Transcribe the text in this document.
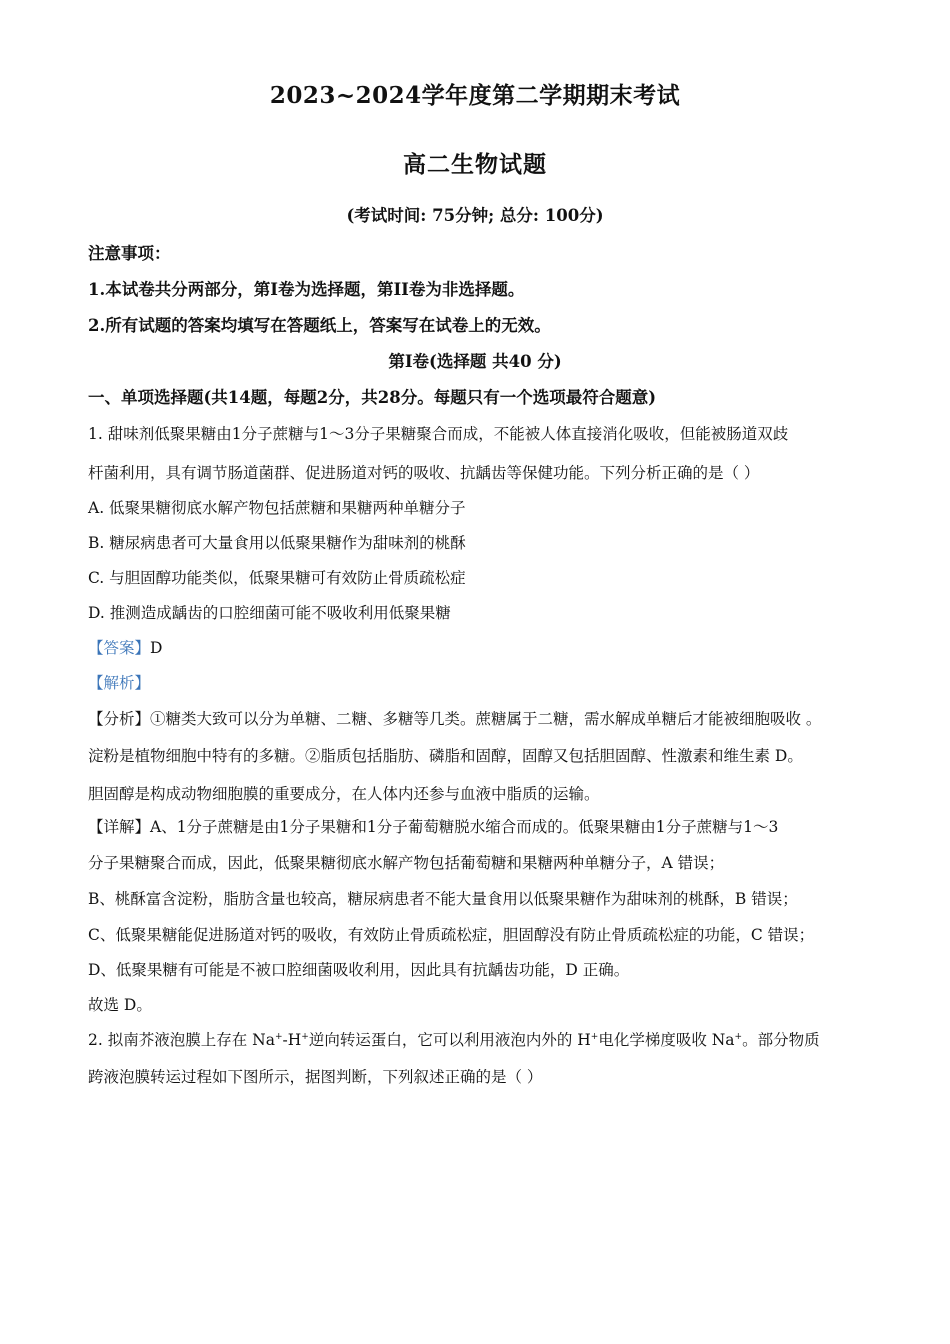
2023~2024学年度第二学期期末考试
高二生物试题
(考试时间: 75分钟; 总分: 100分)
注意事项：
1.本试卷共分两部分，第I卷为选择题，第II卷为非选择题。
2.所有试题的答案均填写在答题纸上，答案写在试卷上的无效。
第I卷(选择题 共40 分)
一、单项选择题(共14题，每题2分，共28分。每题只有一个选项最符合题意)
1. 甜味剂低聚果糖由1分子蔗糖与1～3分子果糖聚合而成，不能被人体直接消化吸收，但能被肠道双歧
杆菌利用，具有调节肠道菌群、促进肠道对钙的吸收、抗龋齿等保健功能。下列分析正确的是（ ）
A. 低聚果糖彻底水解产物包括蔗糖和果糖两种单糖分子
B. 糖尿病患者可大量食用以低聚果糖作为甜味剂的桃酥
C. 与胆固醇功能类似，低聚果糖可有效防止骨质疏松症
D. 推测造成龋齿的口腔细菌可能不吸收利用低聚果糖
【答案】D
【解析】
【分析】①糖类大致可以分为单糖、二糖、多糖等几类。蔗糖属于二糖，需水解成单糖后才能被细胞吸收 。
淀粉是植物细胞中特有的多糖。②脂质包括脂肪、磷脂和固醇，固醇又包括胆固醇、性激素和维生素 D。
胆固醇是构成动物细胞膜的重要成分，在人体内还参与血液中脂质的运输。
【详解】A、1分子蔗糖是由1分子果糖和1分子葡萄糖脱水缩合而成的。低聚果糖由1分子蔗糖与1～3
分子果糖聚合而成，因此，低聚果糖彻底水解产物包括葡萄糖和果糖两种单糖分子，A 错误；
B、桃酥富含淀粉，脂肪含量也较高，糖尿病患者不能大量食用以低聚果糖作为甜味剂的桃酥，B 错误；
C、低聚果糖能促进肠道对钙的吸收，有效防止骨质疏松症，胆固醇没有防止骨质疏松症的功能，C 错误；
D、低聚果糖有可能是不被口腔细菌吸收利用，因此具有抗龋齿功能，D 正确。
故选 D。
2. 拟南芥液泡膜上存在 Na+-H+逆向转运蛋白，它可以利用液泡内外的 H+电化学梯度吸收 Na+。部分物质
跨液泡膜转运过程如下图所示，据图判断，下列叙述正确的是（ ）
